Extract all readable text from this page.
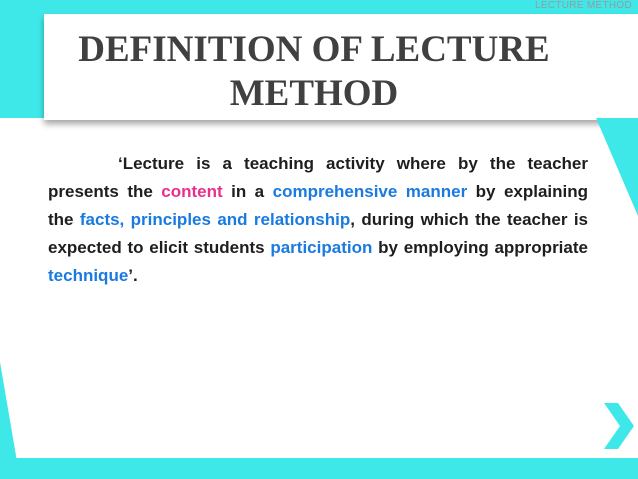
LECTURE METHOD
DEFINITION OF LECTURE
METHOD

‘Lecture is a teaching activity where by the teacher presents the content in a comprehensive manner by explaining the facts, principles and relationship, during which the teacher is expected to elicit students participation by employing appropriate technique’.
